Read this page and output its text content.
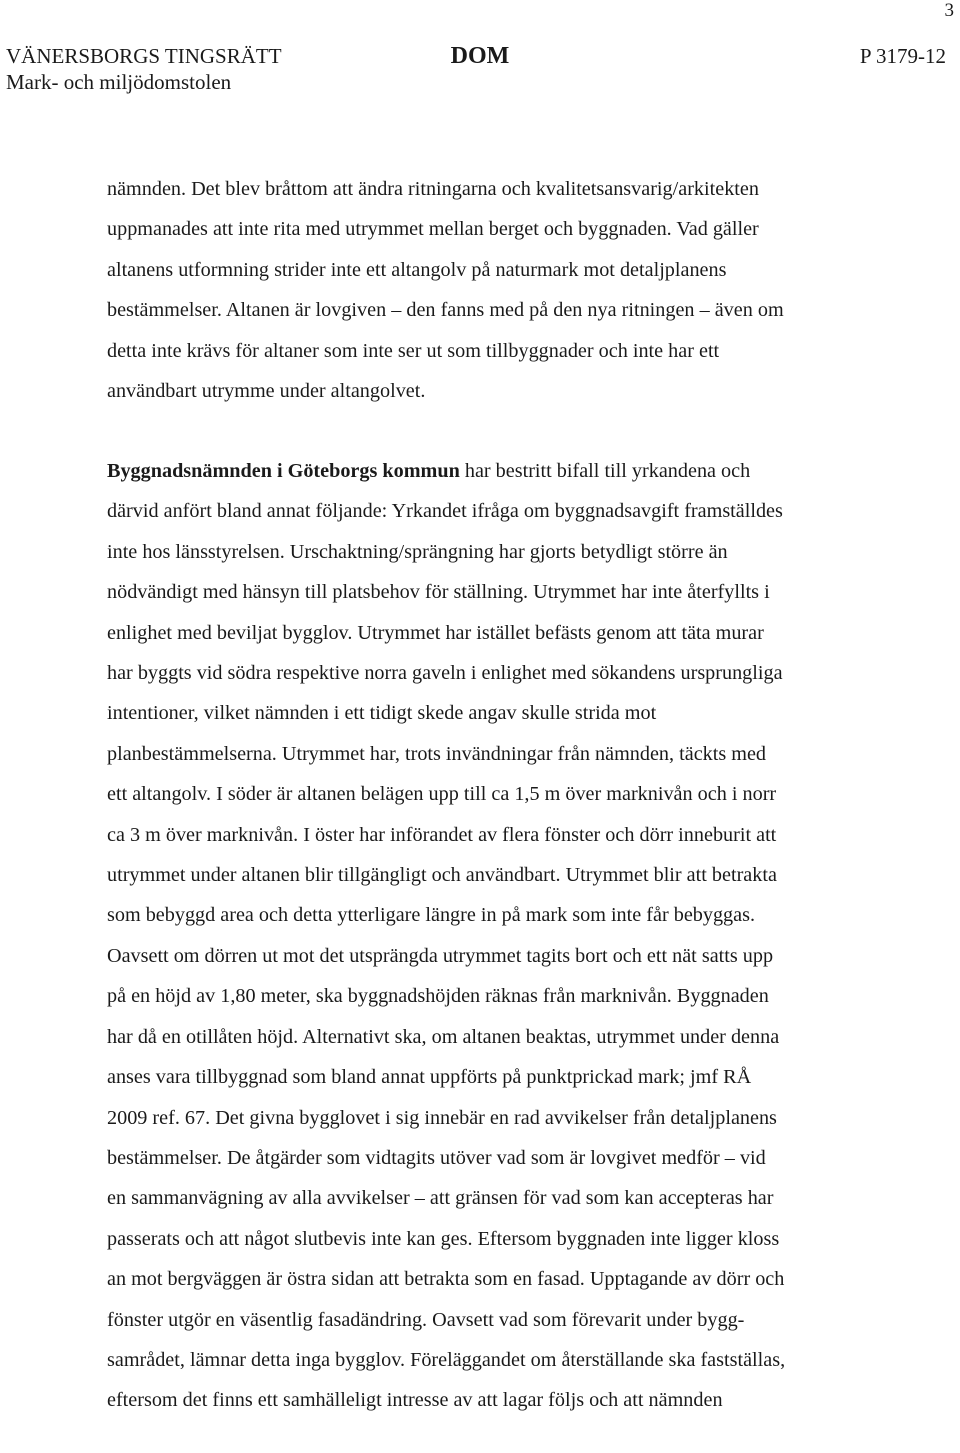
3
VÄNERSBORGS TINGSRÄTT
Mark- och miljödomstolen
DOM	P 3179-12
nämnden. Det blev bråttom att ändra ritningarna och kvalitetsansvarig/arkitekten
uppmanades att inte rita med utrymmet mellan berget och byggnaden. Vad gäller
altanens utformning strider inte ett altangolv på naturmark mot detaljplanens
bestämmelser. Altanen är lovgiven – den fanns med på den nya ritningen – även om
detta inte krävs för altaner som inte ser ut som tillbyggnader och inte har ett
användbart utrymme under altangolvet.
Byggnadsnämnden i Göteborgs kommun har bestritt bifall till yrkandena och
därvid anfört bland annat följande: Yrkandet ifråga om byggnadsavgift framställdes
inte hos länsstyrelsen. Urschaktning/sprängning har gjorts betydligt större än
nödvändigt med hänsyn till platsbehov för ställning. Utrymmet har inte återfyllts i
enlighet med beviljat bygglov. Utrymmet har istället befästs genom att täta murar
har byggts vid södra respektive norra gaveln i enlighet med sökandens ursprungliga
intentioner, vilket nämnden i ett tidigt skede angav skulle strida mot
planbestämmelserna. Utrymmet har, trots invändningar från nämnden, täckts med
ett altangolv. I söder är altanen belägen upp till ca 1,5 m över marknivån och i norr
ca 3 m över marknivån. I öster har införandet av flera fönster och dörr inneburit att
utrymmet under altanen blir tillgängligt och användbart. Utrymmet blir att betrakta
som bebyggd area och detta ytterligare längre in på mark som inte får bebyggas.
Oavsett om dörren ut mot det utsprängda utrymmet tagits bort och ett nät satts upp
på en höjd av 1,80 meter, ska byggnadshöjden räknas från marknivån. Byggnaden
har då en otillåten höjd. Alternativt ska, om altanen beaktas, utrymmet under denna
anses vara tillbyggnad som bland annat uppförts på punktprickad mark; jmf RÅ
2009 ref. 67. Det givna bygglovet i sig innebär en rad avvikelser från detaljplanens
bestämmelser. De åtgärder som vidtagits utöver vad som är lovgivet medför – vid
en sammanvägning av alla avvikelser – att gränsen för vad som kan accepteras har
passerats och att något slutbevis inte kan ges. Eftersom byggnaden inte ligger kloss
an mot bergväggen är östra sidan att betrakta som en fasad. Upptagande av dörr och
fönster utgör en väsentlig fasadändring. Oavsett vad som förevarit under bygg-
samrådet, lämnar detta inga bygglov. Föreläggandet om återställande ska fastställas,
eftersom det finns ett samhälleligt intresse av att lagar följs och att nämnden
